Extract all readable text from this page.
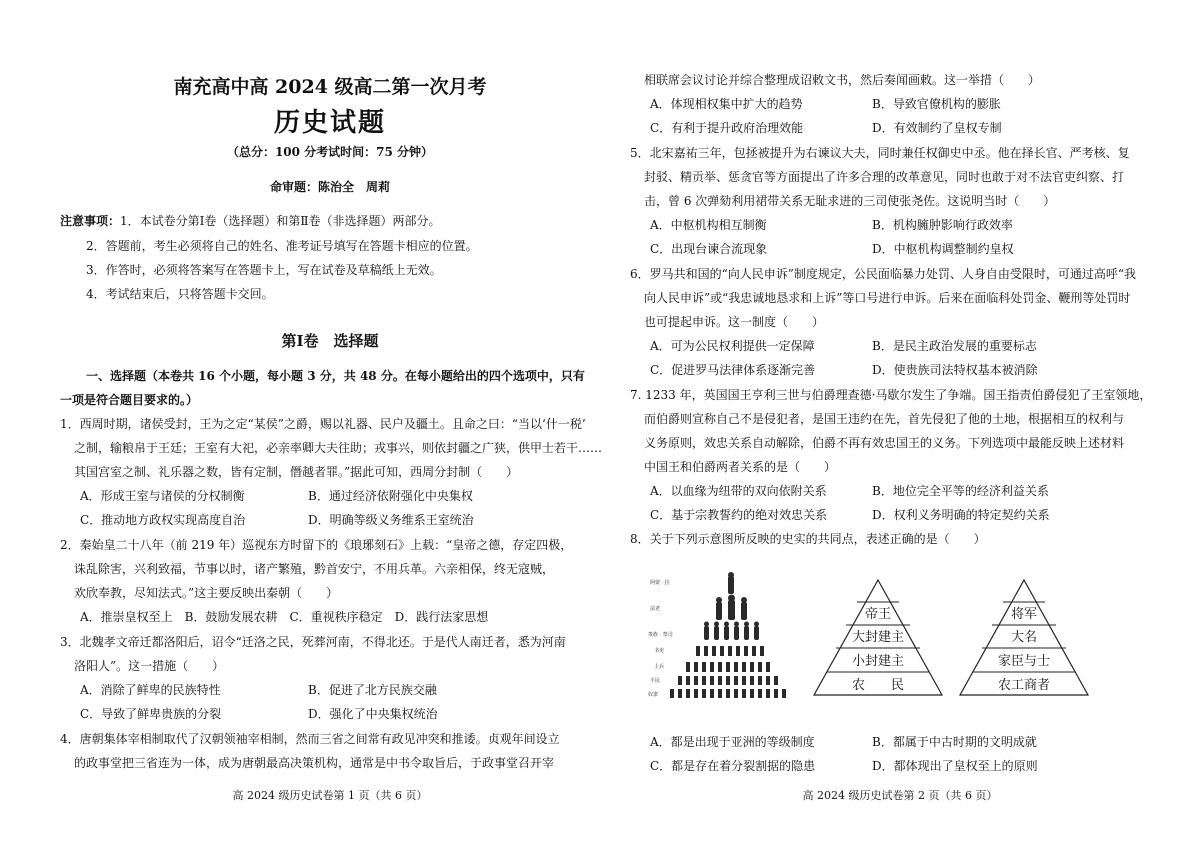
南充高中高 2024 级高二第一次月考
历史试题
（总分：100 分考试时间：75 分钟）
命审题：陈治全　周莉
注意事项：1．本试卷分第Ⅰ卷（选择题）和第Ⅱ卷（非选择题）两部分。
2．答题前，考生必须将自己的姓名、准考证号填写在答题卡相应的位置。
3．作答时，必须将答案写在答题卡上，写在试卷及草稿纸上无效。
4．考试结束后，只将答题卡交回。
第Ⅰ卷　选择题
一、选择题（本卷共 16 个小题，每小题 3 分，共 48 分。在每小题给出的四个选项中，只有
一项是符合题目要求的。）
1．西周时期，诸侯受封，王为之定“某侯”之爵，赐以礼器、民户及疆土。且命之曰：“当以‘什一税’
之制，输粮帛于王廷；王室有大祀，必亲率卿大夫往助；戎事兴，则依封疆之广狭，供甲士若干……
其国宫室之制、礼乐器之数，皆有定制，僭越者罪。”据此可知，西周分封制（　　）
A．形成王室与诸侯的分权制衡	B．通过经济依附强化中央集权
C．推动地方政权实现高度自治	D．明确等级义务维系王室统治
2．秦始皇二十八年（前 219 年）巡视东方时留下的《琅琊刻石》上载：“皇帝之德，存定四极，
诛乱除害，兴利致福，节事以时，诸产繁殖，黔首安宁，不用兵革。六亲相保，终无寇贼，
欢欣奉教，尽知法式。”这主要反映出秦朝（　　）
A．推崇皇权至上　B．鼓励发展农耕　C．重视秩序稳定　D．践行法家思想
3．北魏孝文帝迁都洛阳后，诏令“迁洛之民，死葬河南，不得北还。于是代人南迁者，悉为河南
洛阳人”。这一措施（　　）
A．消除了鲜卑的民族特性	B．促进了北方民族交融
C．导致了鲜卑贵族的分裂	D．强化了中央集权统治
4．唐朝集体宰相制取代了汉朝领袖宰相制，然而三省之间常有政见冲突和推诿。贞观年间设立
的政事堂把三省连为一体，成为唐朝最高决策机构，通常是中书令取旨后，于政事堂召开宰
高 2024 级历史试卷第 1 页（共 6 页）
相联席会议讨论并综合整理成诏敕文书，然后奏闻画敕。这一举措（　　）
A．体现相权集中扩大的趋势	B．导致官僚机构的膨胀
C．有利于提升政府治理效能	D．有效制约了皇权专制
5．北宋嘉祐三年，包拯被提升为右谏议大夫，同时兼任权御史中丞。他在择长官、严考核、复
封驳、精贡举、惩贪官等方面提出了许多合理的改革意见，同时也敢于对不法官吏纠察、打
击，曾 6 次弹劾利用裙带关系无耻求进的三司使张尧佐。这说明当时（　　）
A．中枢机构相互制衡	B．机构臃肿影响行政效率
C．出现台谏合流现象	D．中枢机构调整制约皇权
6．罗马共和国的“向人民申诉”制度规定，公民面临暴力处罚、人身自由受限时，可通过高呼“我
向人民申诉”或“我忠诚地恳求和上诉”等口号进行申诉。后来在面临科处罚金、鞭刑等处罚时
也可提起申诉。这一制度（　　）
A．可为公民权利提供一定保障	B．是民主政治发展的重要标志
C．促进罗马法律体系逐渐完善	D．使贵族司法特权基本被消除
7. 1233 年，英国国王亨利三世与伯爵理查德·马歇尔发生了争端。国王指责伯爵侵犯了王室领地，
而伯爵则宣称自己不是侵犯者，是国王违约在先，首先侵犯了他的土地，根据相互的权利与
义务原则，效忠关系自动解除，伯爵不再有效忠国王的义务。下列选项中最能反映上述材料
中国王和伯爵两者关系的是（　　）
A．以血缘为纽带的双向依附关系	B．地位完全平等的经济利益关系
C．基于宗教誓约的绝对效忠关系	D．权利义务明确的特定契约关系
8．关于下列示意图所反映的史实的共同点，表述正确的是（　　）
阿蒙 · 拉
法老
贵族 · 祭司
书吏
士兵
平民
奴隶
帝王
大封建主
小封建主
农　　民
将军
大名
家臣与士
农工商者
A．都是出现于亚洲的等级制度	B．都属于中古时期的文明成就
C．都是存在着分裂割据的隐患	D．都体现出了皇权至上的原则
高 2024 级历史试卷第 2 页（共 6 页）
